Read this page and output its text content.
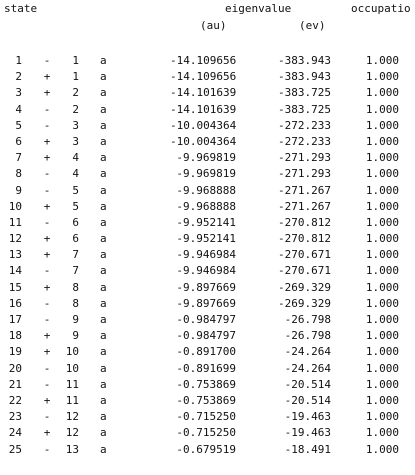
state	eigenvalue	occupatio
(au)	(ev)
1 -	1 a	-14.109656	-383.943	1.000
2 +	1 a	-14.109656	-383.943	1.000
3 +	2 a	-14.101639	-383.725	1.000
4 -	2 a	-14.101639	-383.725	1.000
5 -	3 a	-10.004364	-272.233	1.000
6 +	3 a	-10.004364	-272.233	1.000
7 +	4 a	-9.969819	-271.293	1.000
8 -	4 a	-9.969819	-271.293	1.000
9 -	5 a	-9.968888	-271.267	1.000
10 +	5 a	-9.968888	-271.267	1.000
11 -	6 a	-9.952141	-270.812	1.000
12 +	6 a	-9.952141	-270.812	1.000
13 +	7 a	-9.946984	-270.671	1.000
14 -	7 a	-9.946984	-270.671	1.000
15 +	8 a	-9.897669	-269.329	1.000
16 -	8 a	-9.897669	-269.329	1.000
17 -	9 a	-0.984797	-26.798	1.000
18 +	9 a	-0.984797	-26.798	1.000
19 +	10 a	-0.891700	-24.264	1.000
20 -	10 a	-0.891699	-24.264	1.000
21 -	11 a	-0.753869	-20.514	1.000
22 +	11 a	-0.753869	-20.514	1.000
23 -	12 a	-0.715250	-19.463	1.000
24 +	12 a	-0.715250	-19.463	1.000
25 -	13 a	-0.679519	-18.491	1.000
